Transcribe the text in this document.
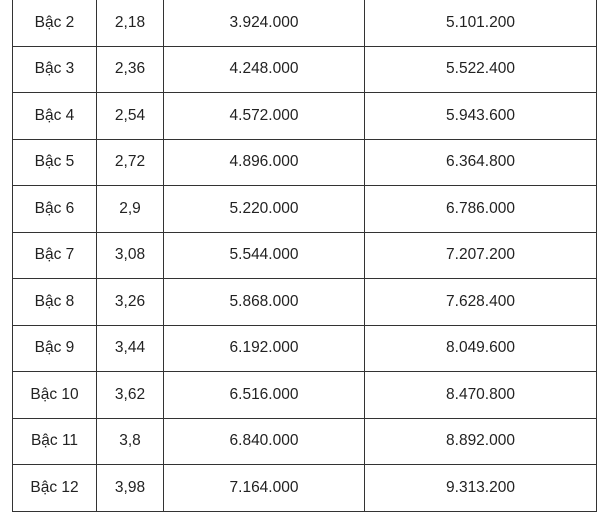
Bậc 2	2,18	3.924.000	5.101.200
Bậc 3	2,36	4.248.000	5.522.400
Bậc 4	2,54	4.572.000	5.943.600
Bậc 5	2,72	4.896.000	6.364.800
Bậc 6	2,9	5.220.000	6.786.000
Bậc 7	3,08	5.544.000	7.207.200
Bậc 8	3,26	5.868.000	7.628.400
Bậc 9	3,44	6.192.000	8.049.600
Bậc 10	3,62	6.516.000	8.470.800
Bậc 11	3,8	6.840.000	8.892.000
Bậc 12	3,98	7.164.000	9.313.200
